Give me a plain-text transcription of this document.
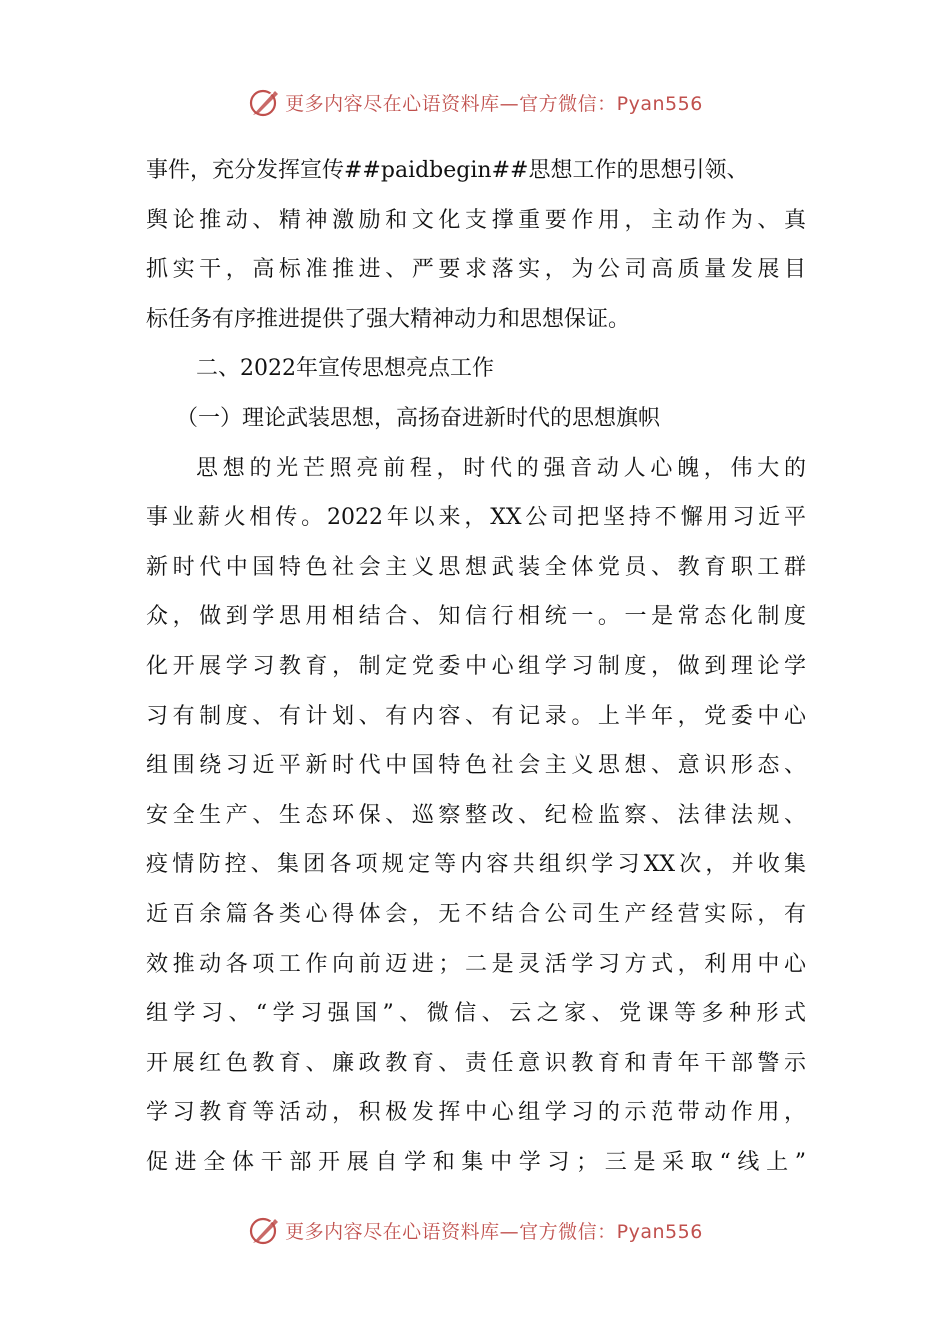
更多内容尽在心语资料库—官方微信：Pyan556
事件，充分发挥宣传##paidbegin##思想工作的思想引领、
舆论推动、精神激励和文化支撑重要作用，主动作为、真
抓实干，高标准推进、严要求落实，为公司高质量发展目
标任务有序推进提供了强大精神动力和思想保证。
二、2022年宣传思想亮点工作
（一）理论武装思想，高扬奋进新时代的思想旗帜
思想的光芒照亮前程，时代的强音动人心魄，伟大的
事业薪火相传。2022年以来，XX公司把坚持不懈用习近平
新时代中国特色社会主义思想武装全体党员、教育职工群
众，做到学思用相结合、知信行相统一。一是常态化制度
化开展学习教育，制定党委中心组学习制度，做到理论学
习有制度、有计划、有内容、有记录。上半年，党委中心
组围绕习近平新时代中国特色社会主义思想、意识形态、
安全生产、生态环保、巡察整改、纪检监察、法律法规、
疫情防控、集团各项规定等内容共组织学习XX次，并收集
近百余篇各类心得体会，无不结合公司生产经营实际，有
效推动各项工作向前迈进；二是灵活学习方式，利用中心
组学习、“学习强国”、微信、云之家、党课等多种形式
开展红色教育、廉政教育、责任意识教育和青年干部警示
学习教育等活动，积极发挥中心组学习的示范带动作用，
促进全体干部开展自学和集中学习；三是采取“线上”
更多内容尽在心语资料库—官方微信：Pyan556
